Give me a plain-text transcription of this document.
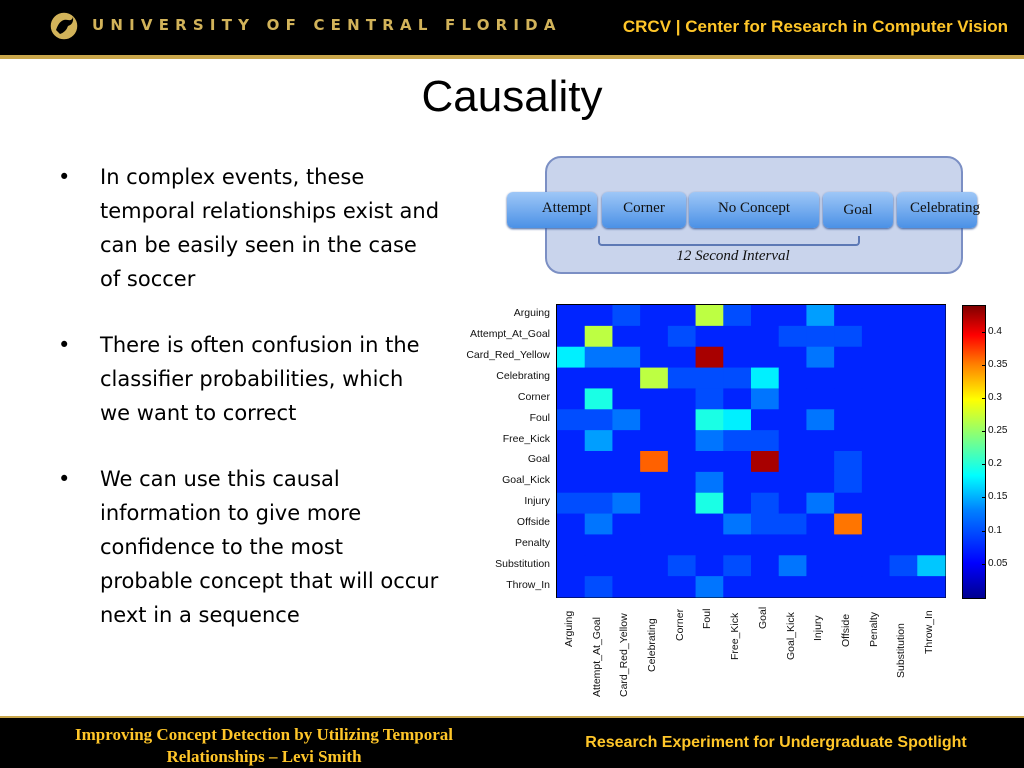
UNIVERSITY OF CENTRAL FLORIDA	CRCV | Center for Research in Computer Vision
Causality
• In complex events, these temporal relationships exist and can be easily seen in the case of soccer
• There is often confusion in the classifier probabilities, which we want to correct
• We can use this causal information to give more confidence to the most probable concept that will occur next in a sequence
Attempt	Corner	No Concept	Goal	Celebrating
12 Second Interval
Arguing
Attempt_At_Goal
Card_Red_Yellow
Celebrating
Corner
Foul
Free_Kick
Goal
Goal_Kick
Injury
Offside
Penalty
Substitution
Throw_In
Arguing Attempt_At_Goal Card_Red_Yellow Celebrating Corner Foul Free_Kick Goal Goal_Kick Injury Offside Penalty Substitution Throw_In
0.4
0.35
0.3
0.25
0.2
0.15
0.1
0.05
Improving Concept Detection by Utilizing Temporal
Relationships – Levi Smith
Research Experiment for Undergraduate Spotlight
